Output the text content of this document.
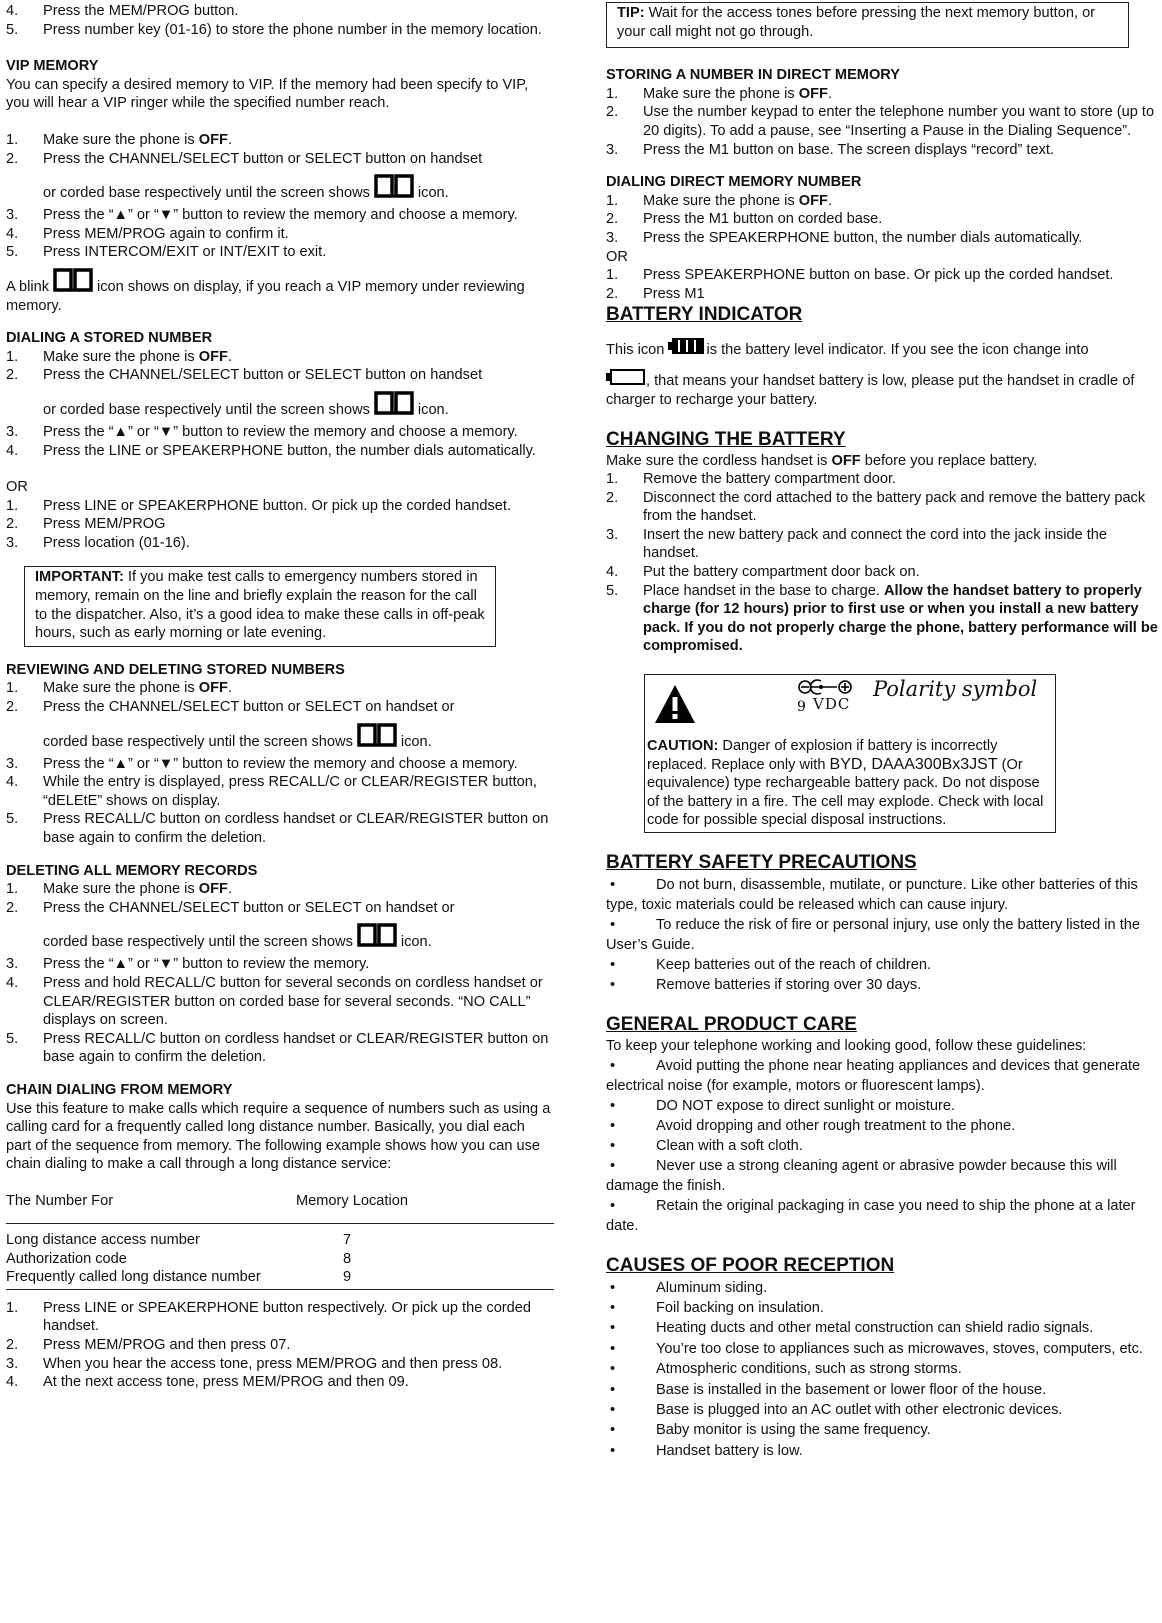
4. Press the MEM/PROG button.
5. Press number key (01-16) to store the phone number in the memory location.

VIP MEMORY

You can specify a desired memory to VIP. If the memory had been specify to VIP, you will hear a VIP ringer while the specified number reach.

1. Make sure the phone is OFF.
2. Press the CHANNEL/SELECT button or SELECT button on handset
or corded base respectively until the screen shows	icon.
3. Press the “▲” or “▼” button to review the memory and choose a memory.
4. Press MEM/PROG again to confirm it.
5. Press INTERCOM/EXIT or INT/EXIT to exit.

A blink	icon shows on display, if you reach a VIP memory under reviewing memory.

DIALING A STORED NUMBER

1. Make sure the phone is OFF.
2. Press the CHANNEL/SELECT button or SELECT button on handset
or corded base respectively until the screen shows	icon.
3. Press the “▲” or “▼” button to review the memory and choose a memory.
4. Press the LINE or SPEAKERPHONE button, the number dials automatically.

OR

1. Press LINE or SPEAKERPHONE button. Or pick up the corded handset.
2. Press MEM/PROG
3. Press location (01-16).
IMPORTANT: If you make test calls to emergency numbers stored in memory, remain on the line and briefly explain the reason for the call to the dispatcher. Also, it’s a good idea to make these calls in off-peak hours, such as early morning or late evening.

REVIEWING AND DELETING STORED NUMBERS

1. Make sure the phone is OFF.
2. Press the CHANNEL/SELECT button or SELECT on handset or
corded base respectively until the screen shows	icon.
3. Press the “▲” or “▼” button to review the memory and choose a memory.
4. While the entry is displayed, press RECALL/C or CLEAR/REGISTER button, “dELEtE” shows on display.
5. Press RECALL/C button on cordless handset or CLEAR/REGISTER button on base again to confirm the deletion.

DELETING ALL MEMORY RECORDS

1. Make sure the phone is OFF.
2. Press the CHANNEL/SELECT button or SELECT on handset or
corded base respectively until the screen shows	icon.
3. Press the “▲” or “▼” button to review the memory.
4. Press and hold RECALL/C button for several seconds on cordless handset or CLEAR/REGISTER button on corded base for several seconds. “NO CALL” displays on screen.
5. Press RECALL/C button on cordless handset or CLEAR/REGISTER button on base again to confirm the deletion.

CHAIN DIALING FROM MEMORY

Use this feature to make calls which require a sequence of numbers such as using a calling card for a frequently called long distance number. Basically, you dial each part of the sequence from memory. The following example shows how you can use chain dialing to make a call through a long distance service:

The Number For	Memory Location

Long distance access number	7
Authorization code	8
Frequently called long distance number	9
1. Press LINE or SPEAKERPHONE button respectively. Or pick up the corded handset.
2. Press MEM/PROG and then press 07.
3. When you hear the access tone, press MEM/PROG and then press 08.
4. At the next access tone, press MEM/PROG and then 09.
TIP: Wait for the access tones before pressing the next memory button, or your call might not go through.

STORING A NUMBER IN DIRECT MEMORY

1. Make sure the phone is OFF.
2. Use the number keypad to enter the telephone number you want to store (up to 20 digits). To add a pause, see “Inserting a Pause in the Dialing Sequence”.
3. Press the M1 button on base. The screen displays “record” text.

DIALING DIRECT MEMORY NUMBER

1. Make sure the phone is OFF.
2. Press the M1 button on corded base.
3. Press the SPEAKERPHONE button, the number dials automatically.

OR

1. Press SPEAKERPHONE button on base. Or pick up the corded handset.
2. Press M1

BATTERY INDICATOR

This icon	is the battery level indicator. If you see the icon change into

, that means your handset battery is low, please put the handset in cradle of charger to recharge your battery.

CHANGING THE BATTERY

Make sure the cordless handset is OFF before you replace battery.

1. Remove the battery compartment door.
2. Disconnect the cord attached to the battery pack and remove the battery pack from the handset.
3. Insert the new battery pack and connect the cord into the jack inside the handset.
4. Put the battery compartment door back on.
5. Place handset in the base to charge. Allow the handset battery to properly charge (for 12 hours) prior to first use or when you install a new battery pack. If you do not properly charge the phone, battery performance will be compromised.
9 VDC
Polarity symbol

CAUTION: Danger of explosion if battery is incorrectly replaced. Replace only with BYD, DAAA300Bx3JST (Or equivalence) type rechargeable battery pack. Do not dispose of the battery in a fire. The cell may explode. Check with local code for possible special disposal instructions.

BATTERY SAFETY PRECAUTIONS

•	Do not burn, disassemble, mutilate, or puncture. Like other batteries of this type, toxic materials could be released which can cause injury.
•	To reduce the risk of fire or personal injury, use only the battery listed in the User’s Guide.
•	Keep batteries out of the reach of children.
•	Remove batteries if storing over 30 days.

GENERAL PRODUCT CARE

To keep your telephone working and looking good, follow these guidelines:

•	Avoid putting the phone near heating appliances and devices that generate electrical noise (for example, motors or fluorescent lamps).
•	DO NOT expose to direct sunlight or moisture.
•	Avoid dropping and other rough treatment to the phone.
•	Clean with a soft cloth.
•	Never use a strong cleaning agent or abrasive powder because this will damage the finish.
•	Retain the original packaging in case you need to ship the phone at a later date.

CAUSES OF POOR RECEPTION

•	Aluminum siding.
•	Foil backing on insulation.
•	Heating ducts and other metal construction can shield radio signals.
•	You’re too close to appliances such as microwaves, stoves, computers, etc.
•	Atmospheric conditions, such as strong storms.
•	Base is installed in the basement or lower floor of the house.
•	Base is plugged into an AC outlet with other electronic devices.
•	Baby monitor is using the same frequency.
•	Handset battery is low.
